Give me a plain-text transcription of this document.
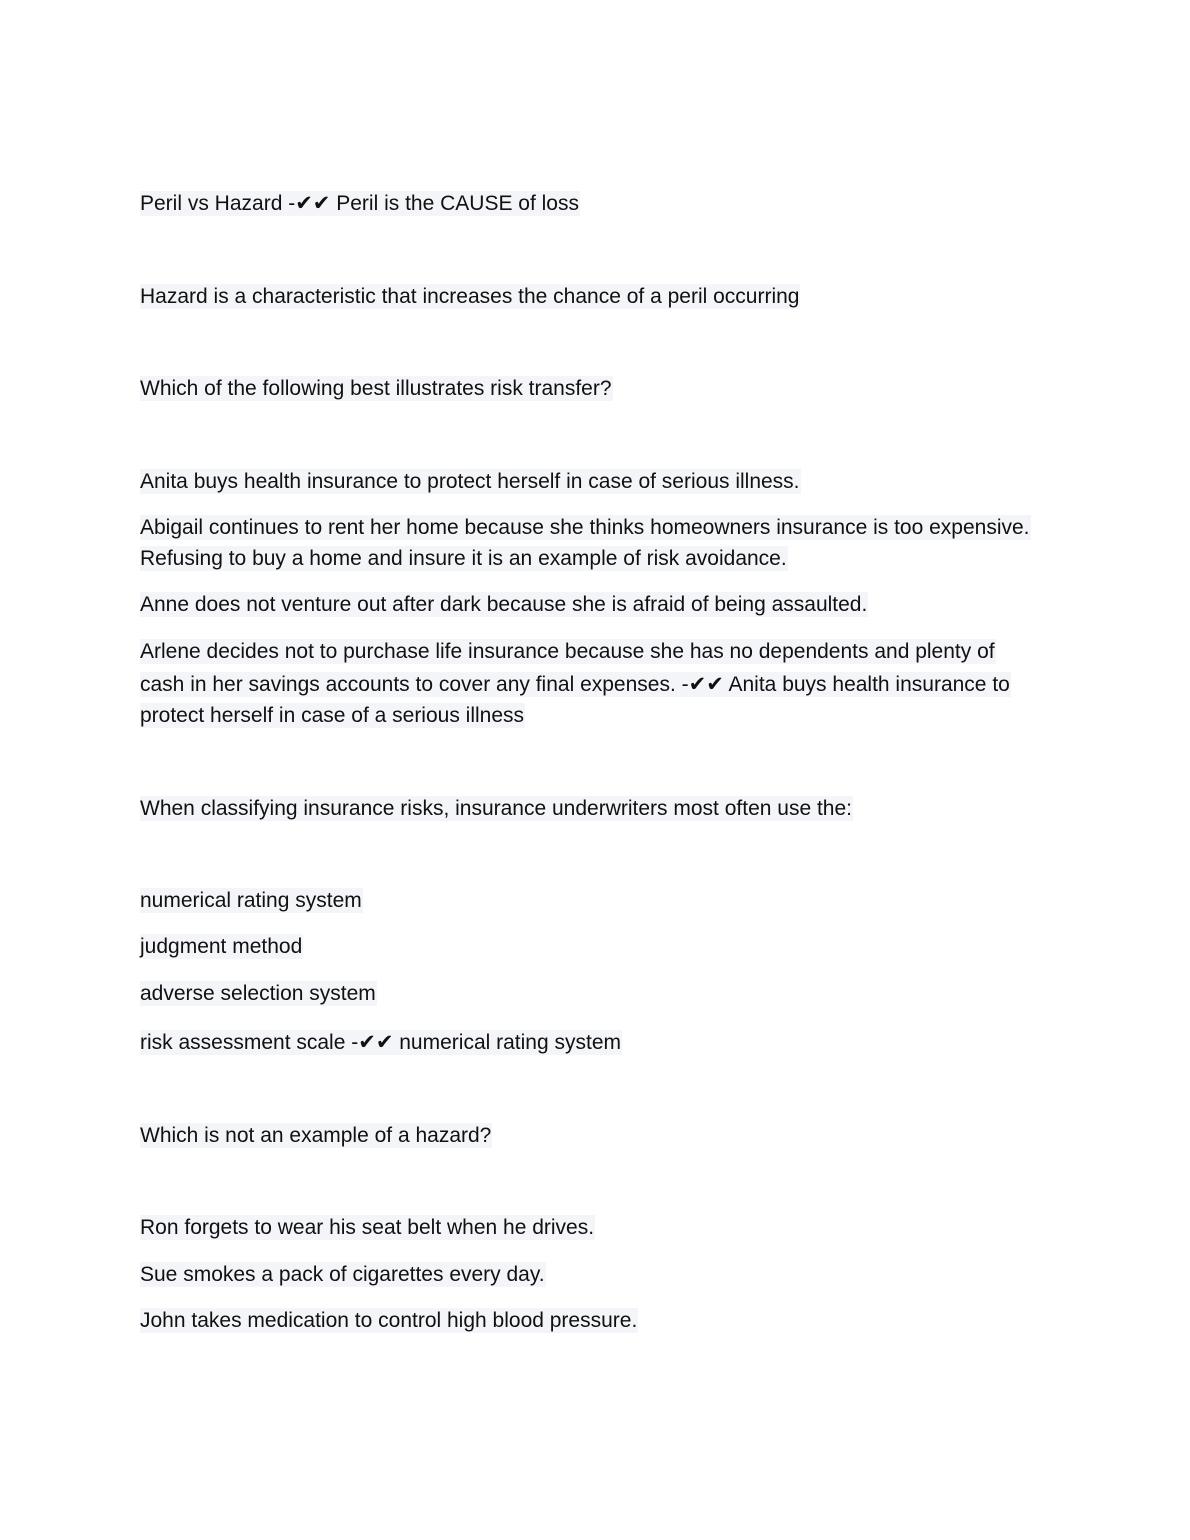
Peril vs Hazard -✔✔ Peril is the CAUSE of loss
Hazard is a characteristic that increases the chance of a peril occurring
Which of the following best illustrates risk transfer?
Anita buys health insurance to protect herself in case of serious illness.
Abigail continues to rent her home because she thinks homeowners insurance is too expensive.
Refusing to buy a home and insure it is an example of risk avoidance.
Anne does not venture out after dark because she is afraid of being assaulted.
Arlene decides not to purchase life insurance because she has no dependents and plenty of
cash in her savings accounts to cover any final expenses. -✔✔ Anita buys health insurance to
protect herself in case of a serious illness
When classifying insurance risks, insurance underwriters most often use the:
numerical rating system
judgment method
adverse selection system
risk assessment scale -✔✔ numerical rating system
Which is not an example of a hazard?
Ron forgets to wear his seat belt when he drives.
Sue smokes a pack of cigarettes every day.
John takes medication to control high blood pressure.
